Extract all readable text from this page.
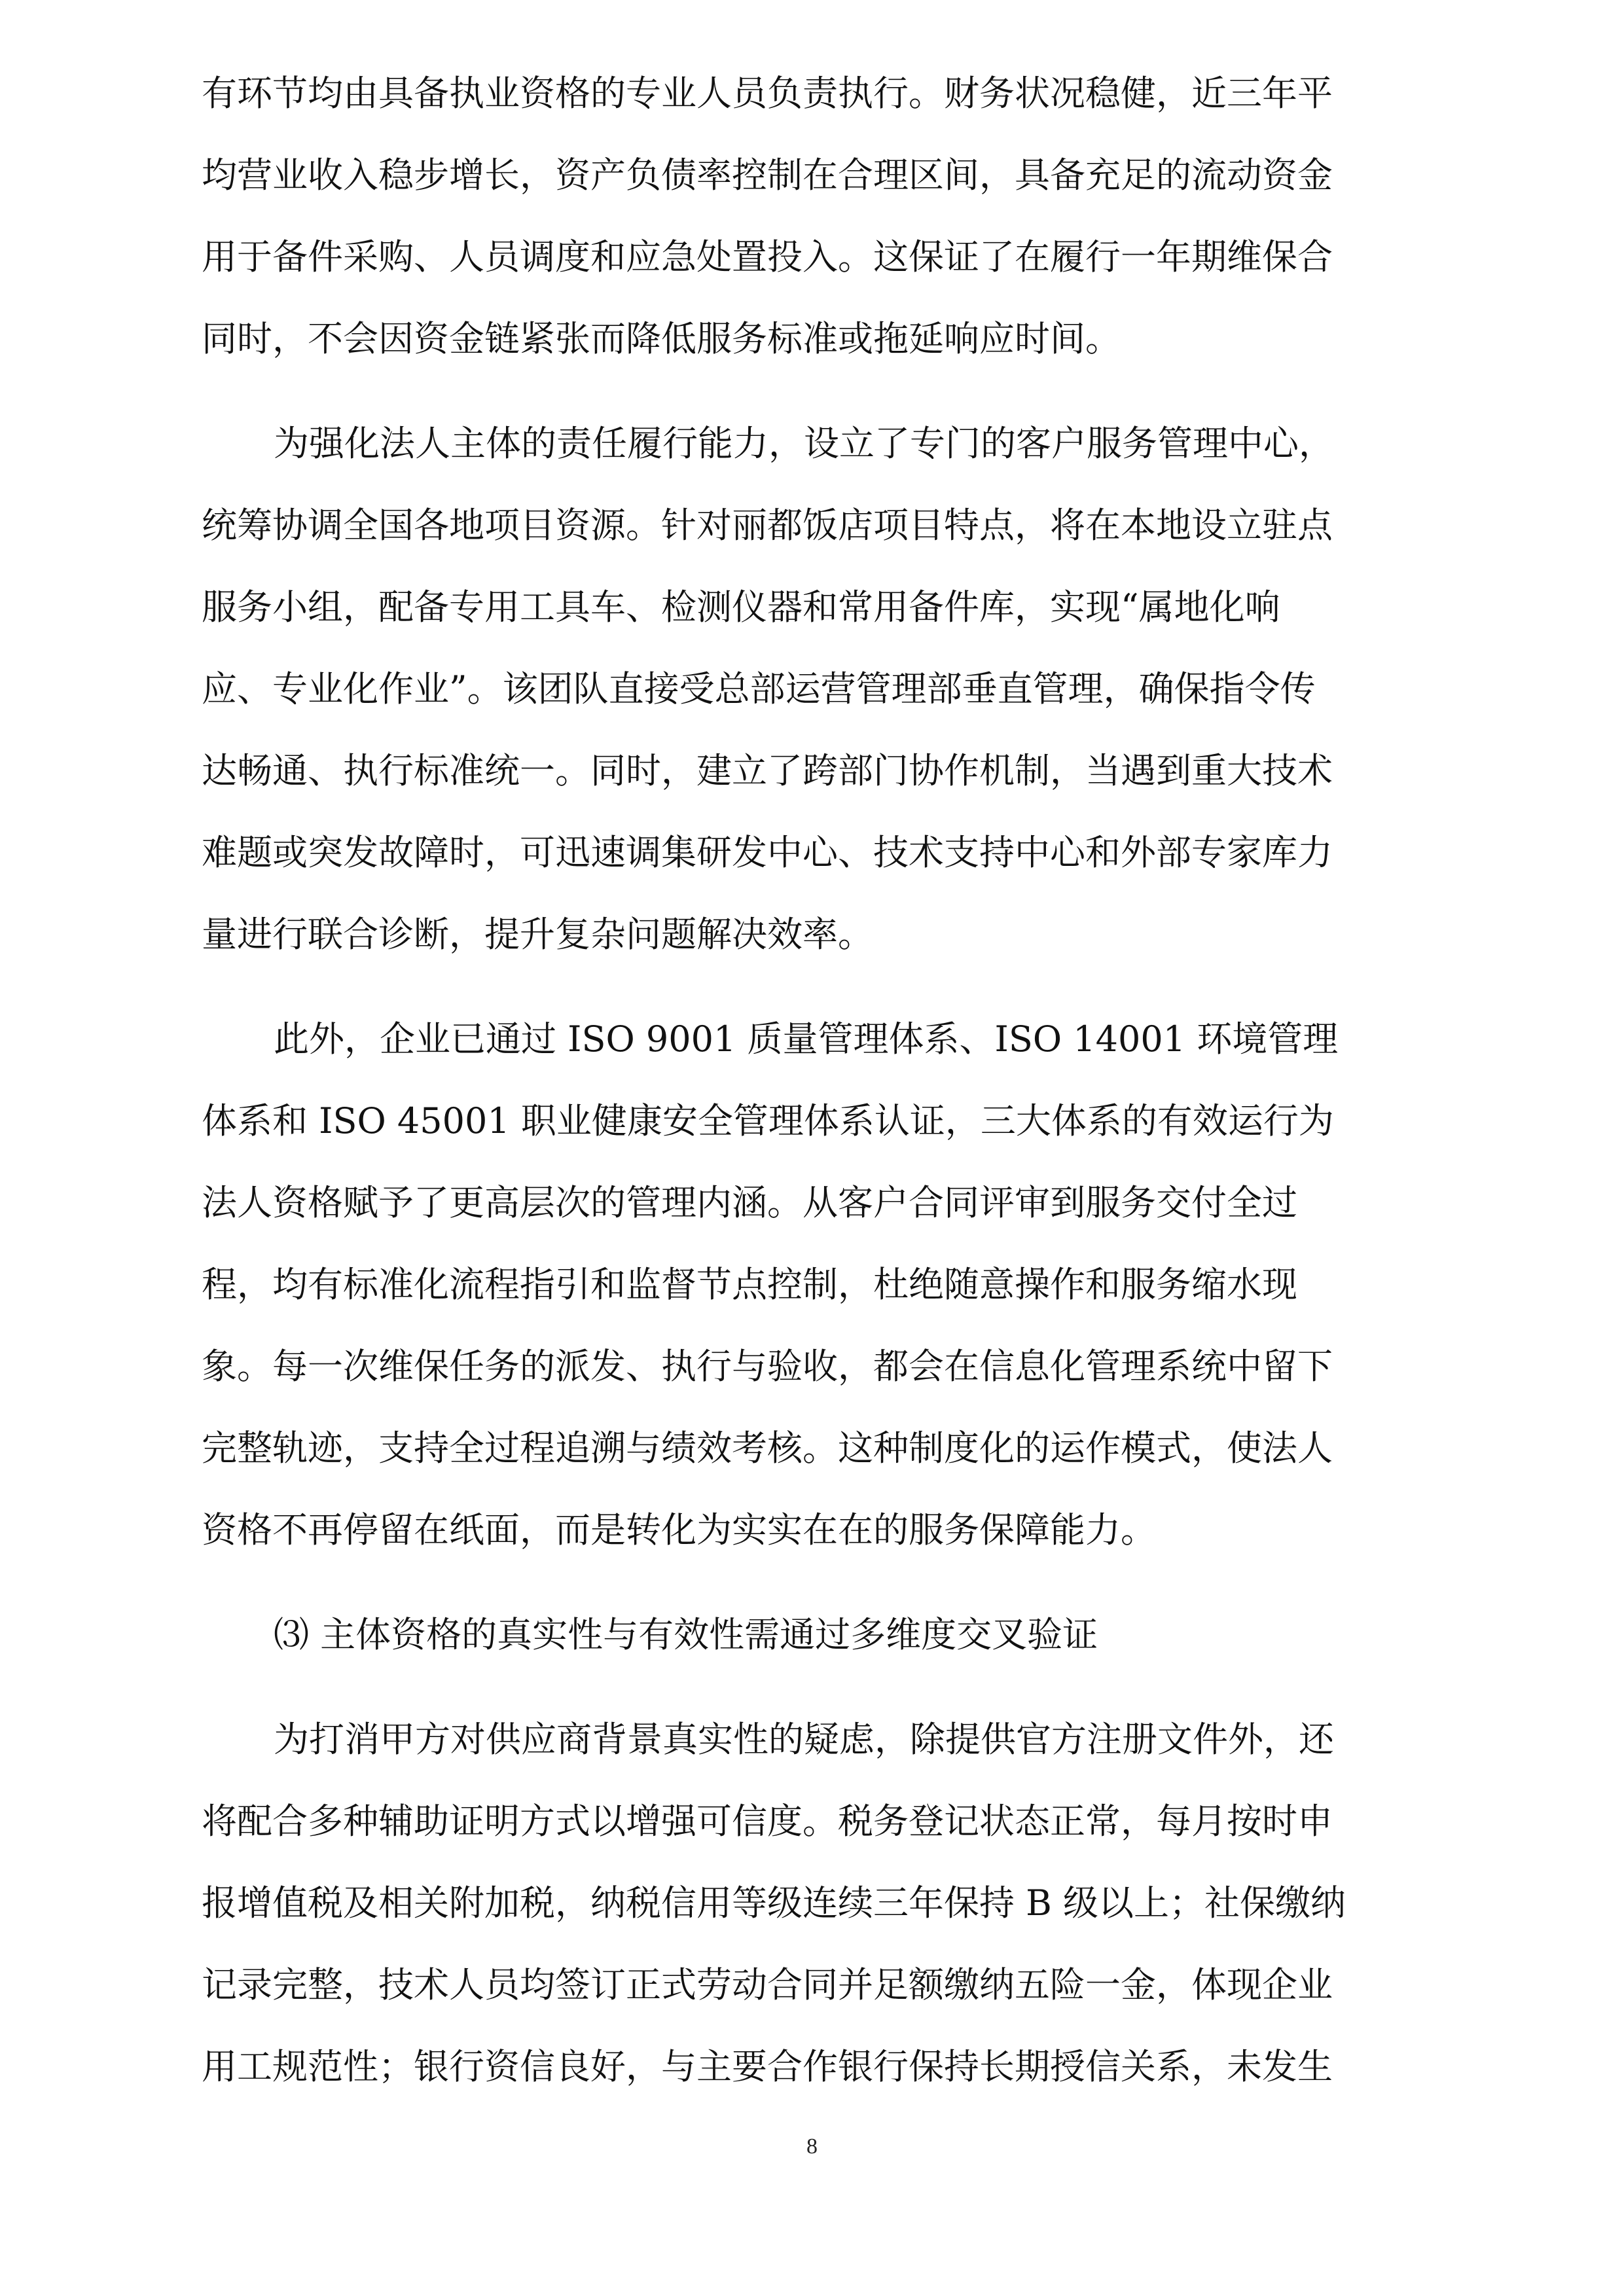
有环节均由具备执业资格的专业人员负责执行。财务状况稳健，近三年平
均营业收入稳步增长，资产负债率控制在合理区间，具备充足的流动资金
用于备件采购、人员调度和应急处置投入。这保证了在履行一年期维保合
同时，不会因资金链紧张而降低服务标准或拖延响应时间。
为强化法人主体的责任履行能力，设立了专门的客户服务管理中心，
统筹协调全国各地项目资源。针对丽都饭店项目特点，将在本地设立驻点
服务小组，配备专用工具车、检测仪器和常用备件库，实现“属地化响
应、专业化作业”。该团队直接受总部运营管理部垂直管理，确保指令传
达畅通、执行标准统一。同时，建立了跨部门协作机制，当遇到重大技术
难题或突发故障时，可迅速调集研发中心、技术支持中心和外部专家库力
量进行联合诊断，提升复杂问题解决效率。
此外，企业已通过 ISO 9001 质量管理体系、ISO 14001 环境管理
体系和 ISO 45001 职业健康安全管理体系认证，三大体系的有效运行为
法人资格赋予了更高层次的管理内涵。从客户合同评审到服务交付全过
程，均有标准化流程指引和监督节点控制，杜绝随意操作和服务缩水现
象。每一次维保任务的派发、执行与验收，都会在信息化管理系统中留下
完整轨迹，支持全过程追溯与绩效考核。这种制度化的运作模式，使法人
资格不再停留在纸面，而是转化为实实在在的服务保障能力。
⑶ 主体资格的真实性与有效性需通过多维度交叉验证
为打消甲方对供应商背景真实性的疑虑，除提供官方注册文件外，还
将配合多种辅助证明方式以增强可信度。税务登记状态正常，每月按时申
报增值税及相关附加税，纳税信用等级连续三年保持 B 级以上；社保缴纳
记录完整，技术人员均签订正式劳动合同并足额缴纳五险一金，体现企业
用工规范性；银行资信良好，与主要合作银行保持长期授信关系，未发生
8
